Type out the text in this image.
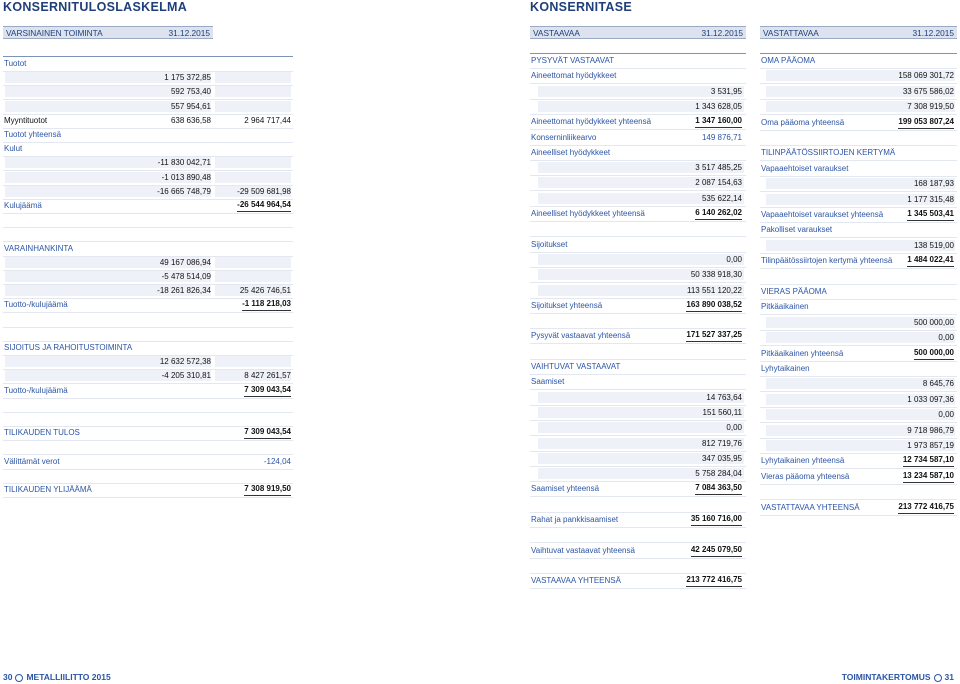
KONSERNITULOSLASKELMA
VARSINAINEN TOIMINTA	31.12.2015
Tuotot
1 175 372,85
592 753,40
557 954,61
Myyntituotot	638 636,58	2 964 717,44
Tuotot yhteensä
Kulut
-11 830 042,71
-1 013 890,48
-16 665 748,79	-29 509 681,98
Kulujäämä	-26 544 964,54
VARAINHANKINTA
49 167 086,94
-5 478 514,09
-18 261 826,34	25 426 746,51
Tuotto-/kulujäämä	-1 118 218,03
SIJOITUS JA RAHOITUSTOIMINTA
12 632 572,38
-4 205 310,81	8 427 261,57
Tuotto-/kulujäämä	7 309 043,54
TILIKAUDEN TULOS	7 309 043,54
Välittämät verot	-124,04
TILIKAUDEN YLIJÄÄMÄ	7 308 919,50
KONSERNITASE
VASTAAVAA	31.12.2015
PYSYVÄT VASTAAVAT
Aineettomat hyödykkeet
3 531,95
1 343 628,05
Aineettomat hyödykkeet yhteensä	1 347 160,00
Konserninliikearvo	149 876,71
Aineelliset hyödykkeet
3 517 485,25
2 087 154,63
535 622,14
Aineelliset hyödykkeet yhteensä	6 140 262,02
Sijoitukset
0,00
50 338 918,30
113 551 120,22
Sijoitukset yhteensä	163 890 038,52
Pysyvät vastaavat yhteensä	171 527 337,25
VAIHTUVAT VASTAAVAT
Saamiset
14 763,64
151 560,11
0,00
812 719,76
347 035,95
5 758 284,04
Saamiset yhteensä	7 084 363,50
Rahat ja pankkisaamiset	35 160 716,00
Vaihtuvat vastaavat yhteensä	42 245 079,50
VASTAAVAA YHTEENSÄ	213 772 416,75
VASTATTAVAA	31.12.2015
OMA PÄÄOMA
158 069 301,72
33 675 586,02
7 308 919,50
Oma pääoma yhteensä	199 053 807,24
TILINPÄÄTÖSSIIRTOJEN KERTYMÄ
Vapaaehtoiset varaukset
168 187,93
1 177 315,48
Vapaaehtoiset varaukset yhteensä	1 345 503,41
Pakolliset varaukset
138 519,00
Tilinpäätössiirtojen kertymä yhteensä 1 484 022,41
VIERAS PÄÄOMA
Pitkäaikainen
500 000,00
0,00
Pitkäaikainen yhteensä	500 000,00
Lyhytaikainen
8 645,76
1 033 097,36
0,00
9 718 986,79
1 973 857,19
Lyhytaikainen yhteensä	12 734 587,10
Vieras pääoma yhteensä	13 234 587,10
VASTATTAVAA YHTEENSÄ	213 772 416,75
30 METALLIILITTO 2015	TOIMINTAKERTOMUS 31
